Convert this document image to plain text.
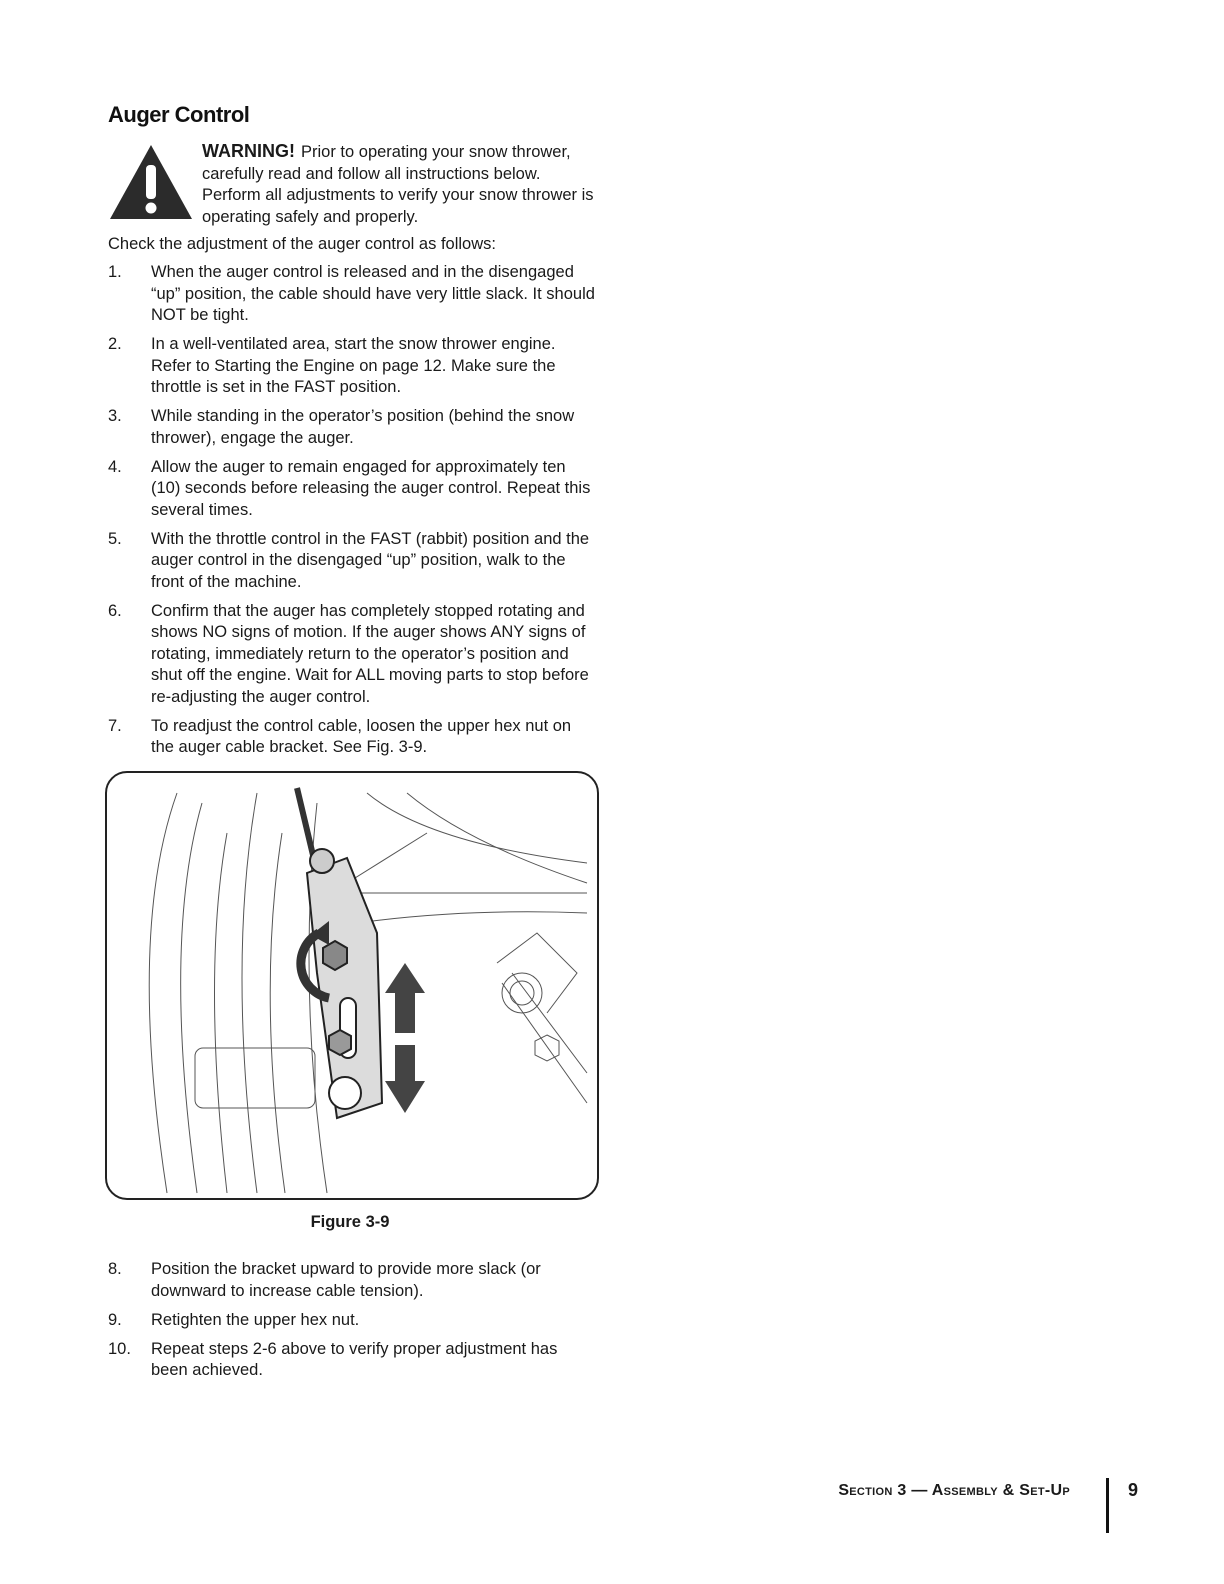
Auger Control
WARNING! Prior to operating your snow thrower, carefully read and follow all instructions below. Perform all adjustments to verify your snow thrower is operating safely and properly.
Check the adjustment of the auger control as follows:
1.	When the auger control is released and in the disengaged “up” position, the cable should have very little slack. It should NOT be tight.
2.	In a well-ventilated area, start the snow thrower engine. Refer to Starting the Engine on page 12. Make sure the throttle is set in the FAST position.
3.	While standing in the operator’s position (behind the snow thrower), engage the auger.
4.	Allow the auger to remain engaged for approximately ten (10) seconds before releasing the auger control. Repeat this several times.
5.	With the throttle control in the FAST (rabbit) position and the auger control in the disengaged “up” position, walk to the front of the machine.
6.	Confirm that the auger has completely stopped rotating and shows NO signs of motion. If the auger shows ANY signs of rotating, immediately return to the operator’s position and shut off the engine. Wait for ALL moving parts to stop before re-adjusting the auger control.
7.	To readjust the control cable, loosen the upper hex nut on the auger cable bracket. See Fig. 3-9.
Figure 3-9
8.	Position the bracket upward to provide more slack (or downward to increase cable tension).
9.	Retighten the upper hex nut.
10.	Repeat steps 2-6 above to verify proper adjustment has been achieved.
Section 3 — Assembly & Set-Up	9
